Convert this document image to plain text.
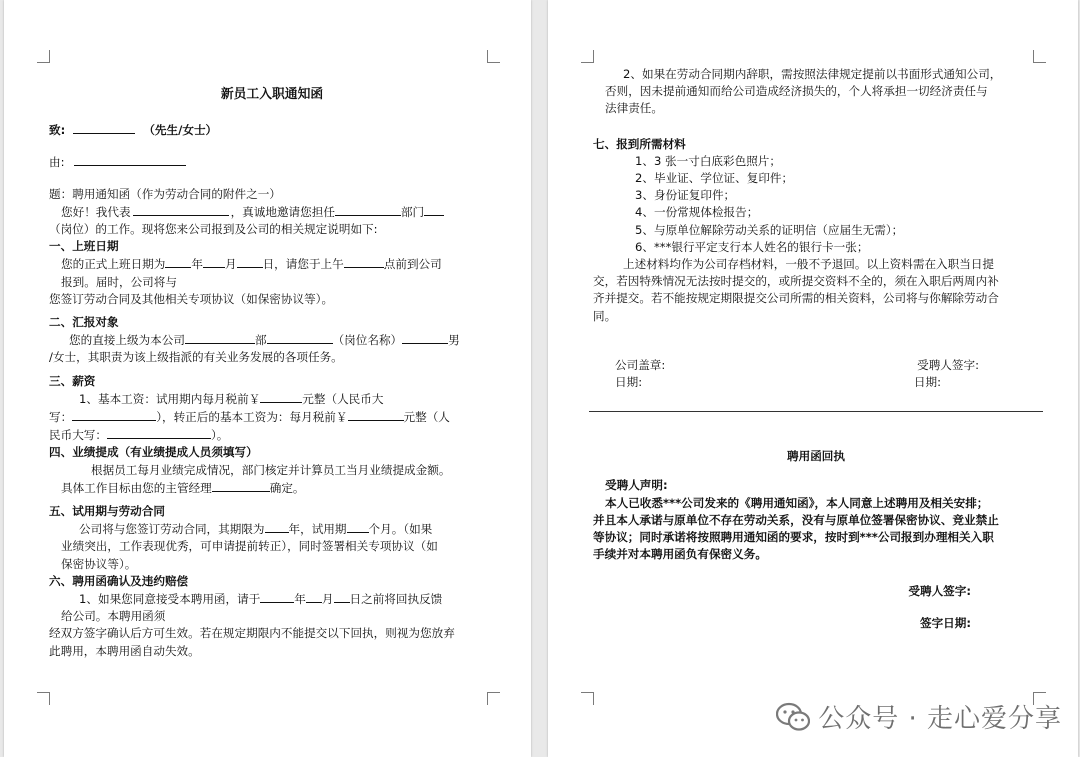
新员工入职通知函

致:	（先生/女士）

由:

题：聘用通知函（作为劳动合同的附件之一）

您好！我代表	，真诚地邀请您担任	部门

（岗位）的工作。现将您来公司报到及公司的相关规定说明如下:

一、上班日期

您的正式上班日期为 年 月 日，请您于上午	点前到公司

报到。届时，公司将与

您签订劳动合同及其他相关专项协议（如保密协议等）。

二、汇报对象

您的直接上级为本公司	部	（岗位名称）	男

/女士，其职责为该上级指派的有关业务发展的各项任务。

三、薪资

1、基本工资：试用期内每月税前￥	元整（人民币大

写：	），转正后的基本工资为：每月税前￥	元整（人

民币大写：	）。

四、业绩提成（有业绩提成人员须填写）

根据员工每月业绩完成情况，部门核定并计算员工当月业绩提成金额。

具体工作目标由您的主管经理	确定。

五、试用期与劳动合同

公司将与您签订劳动合同，其期限为 年，试用期 个月。（如果

业绩突出，工作表现优秀，可申请提前转正），同时签署相关专项协议（如

保密协议等）。

六、聘用函确认及违约赔偿

1、如果您同意接受本聘用函，请于	年 月 日之前将回执反馈

给公司。本聘用函须

经双方签字确认后方可生效。若在规定期限内不能提交以下回执，则视为您放弃

此聘用，本聘用函自动失效。

2、如果在劳动合同期内辞职，需按照法律规定提前以书面形式通知公司，

否则，因未提前通知而给公司造成经济损失的，个人将承担一切经济责任与

法律责任。

七、报到所需材料

1、3 张一寸白底彩色照片；

2、毕业证、学位证、复印件；

3、身份证复印件；

4、一份常规体检报告；

5、与原单位解除劳动关系的证明信（应届生无需）；

6、***银行平定支行本人姓名的银行卡一张；

上述材料均作为公司存档材料，一般不予退回。以上资料需在入职当日提

交，若因特殊情况无法按时提交的，或所提交资料不全的，须在入职后两周内补

齐并提交。若不能按规定期限提交公司所需的相关资料，公司将与你解除劳动合

同。

公司盖章:	受聘人签字:
日期:	日期:

聘用函回执

受聘人声明:

本人已收悉***公司发来的《聘用通知函》，本人同意上述聘用及相关安排；

并且本人承诺与原单位不存在劳动关系，没有与原单位签署保密协议、竞业禁止

等协议；同时承诺将按照聘用通知函的要求，按时到***公司报到办理相关入职

手续并对本聘用函负有保密义务。

受聘人签字:

签字日期:

公众号 · 走心爱分享
